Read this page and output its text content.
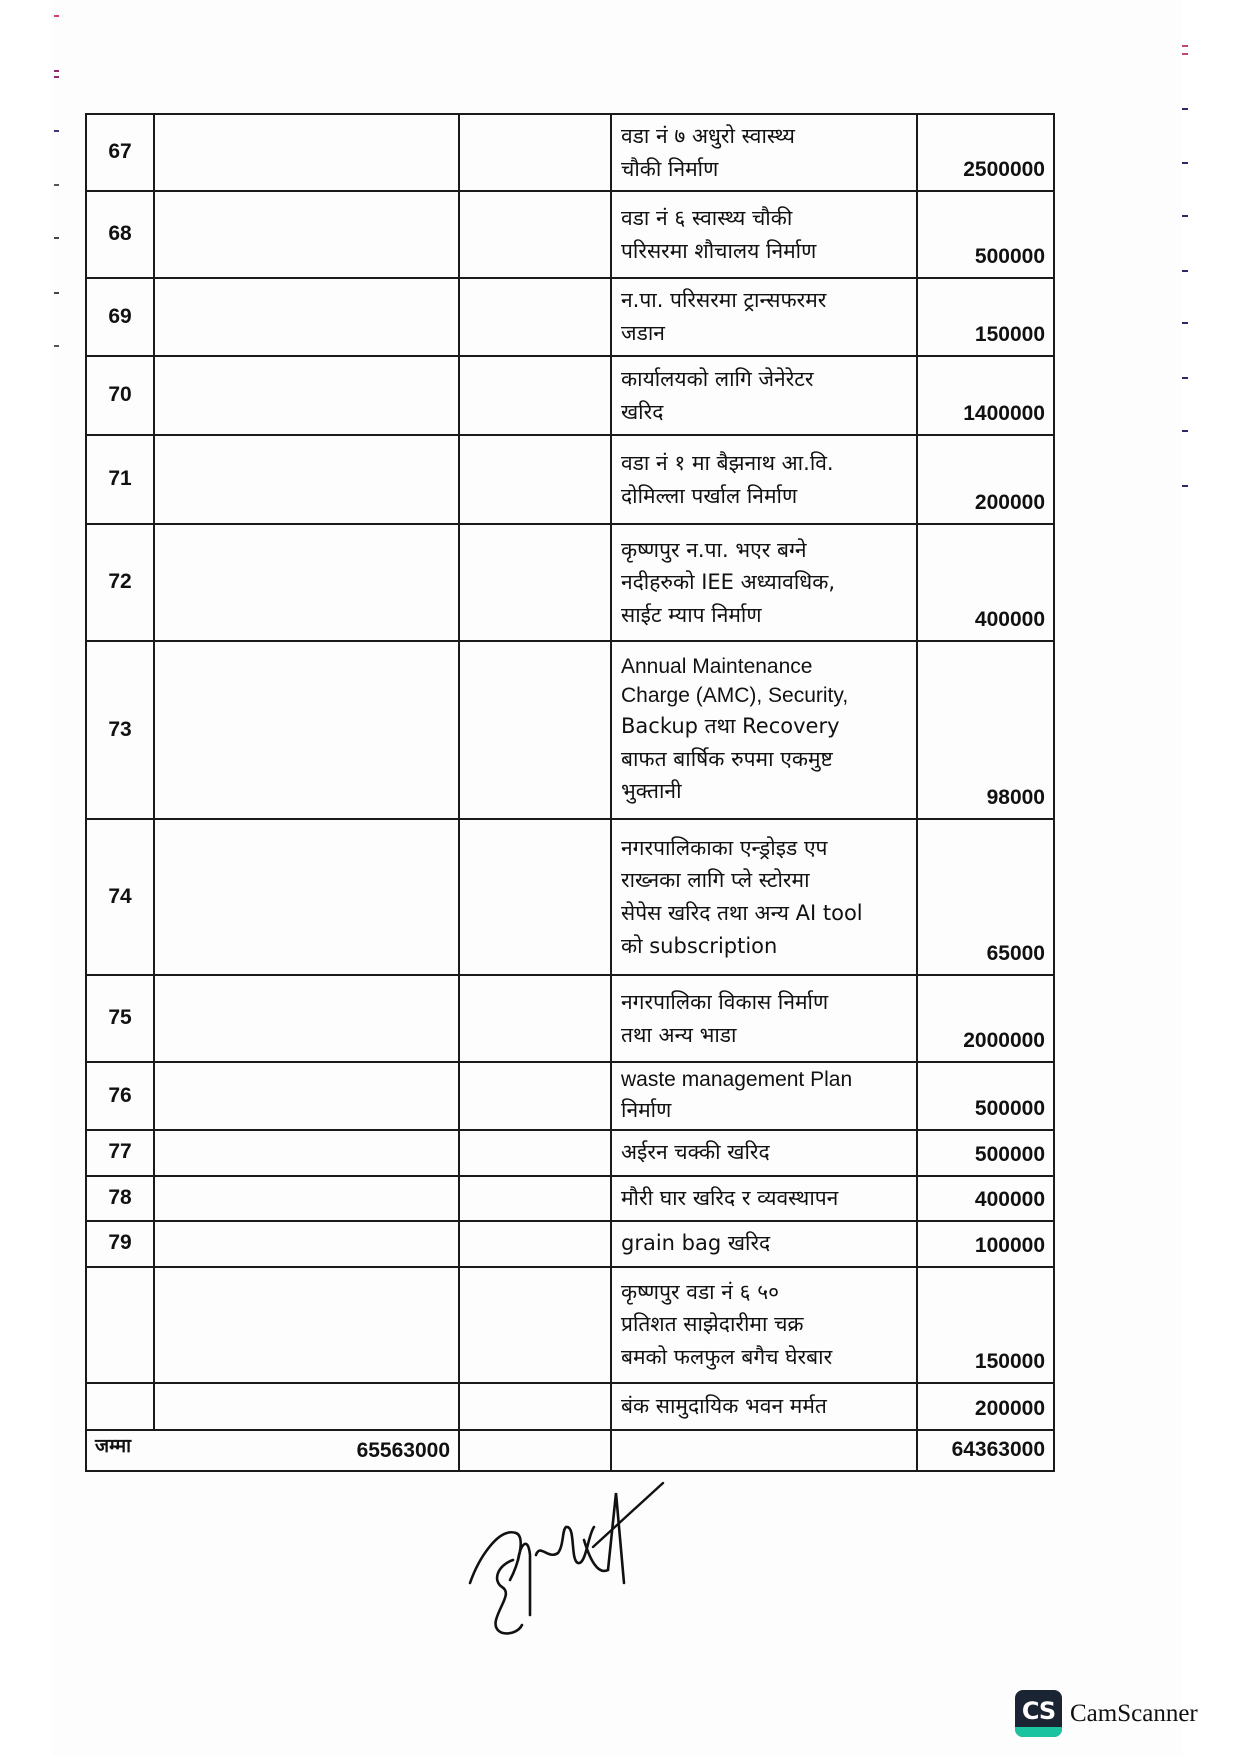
67			वडा नं ७ अधुरो स्वास्थ्य
चौकी निर्माण	2500000
68			वडा नं ६ स्वास्थ्य चौकी
परिसरमा शौचालय निर्माण	500000
69			न.पा. परिसरमा ट्रान्सफरमर
जडान	150000
70			कार्यालयको लागि जेनेरेटर
खरिद	1400000
71			वडा नं १ मा बैझनाथ आ.वि.
दोमिल्ला पर्खाल निर्माण	200000
72			कृष्णपुर न.पा. भएर बग्ने
नदीहरुको IEE अध्यावधिक,
साईट म्याप निर्माण	400000
73			Annual Maintenance
Charge (AMC), Security,
Backup तथा Recovery
बाफत बार्षिक रुपमा एकमुष्ट
भुक्तानी	98000
74			नगरपालिकाका एन्ड्रोइड एप
राख्नका लागि प्ले स्टोरमा
सेपेस खरिद तथा अन्य AI tool
को subscription	65000
75			नगरपालिका विकास निर्माण
तथा अन्य भाडा	2000000
76			waste management Plan
निर्माण	500000
77			अईरन चक्की खरिद	500000
78			मौरी घार खरिद र व्यवस्थापन	400000
79			grain bag खरिद	100000

			कृष्णपुर वडा नं ६ ५०
प्रतिशत साझेदारीमा चक्र
बमको फलफुल बगैच घेरबार	150000

			बंक सामुदायिक भवन मर्मत	200000

जम्मा 65563000				64363000
CS CamScanner
